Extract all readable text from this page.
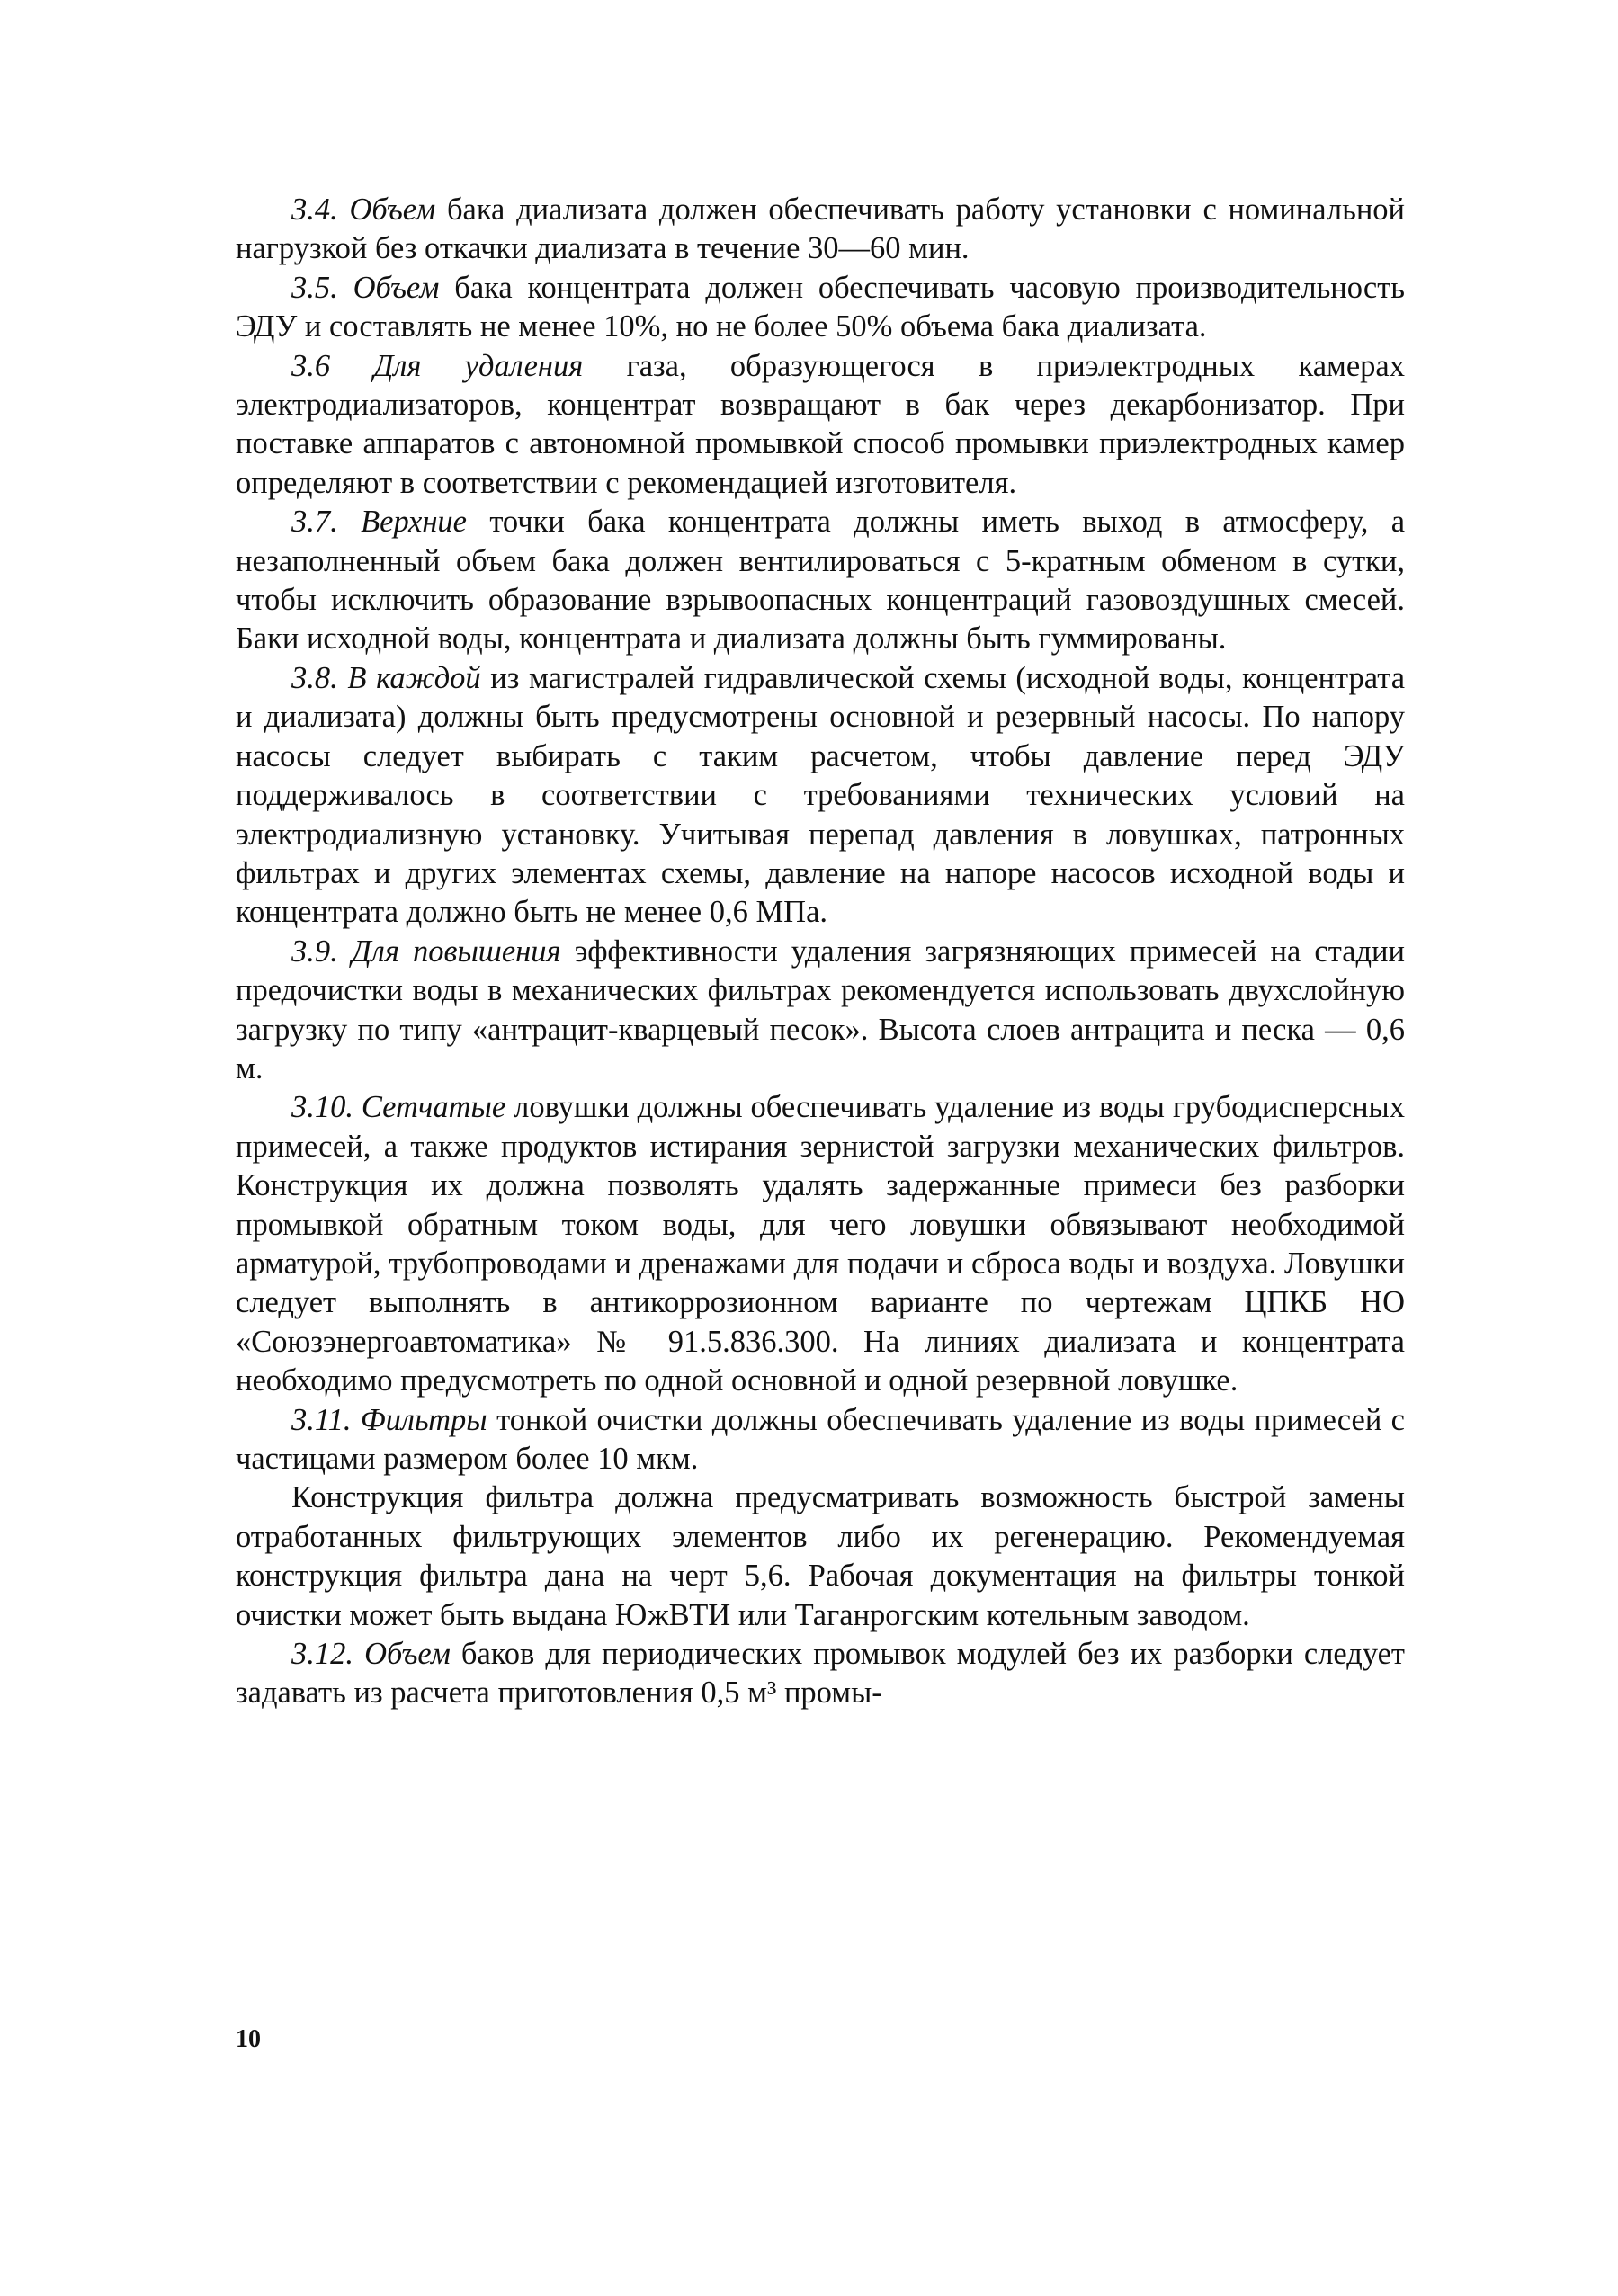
3.4. Объем бака диализата должен обеспечивать работу установки с номинальной нагрузкой без откачки диализата в течение 30—60 мин.

3.5. Объем бака концентрата должен обеспечивать часовую производительность ЭДУ и составлять не менее 10%, но не более 50% объема бака диализата.

3.6 Для удаления газа, образующегося в приэлектродных камерах электродиализаторов, концентрат возвращают в бак через декарбонизатор. При поставке аппаратов с автономной промывкой способ промывки приэлектродных камер определяют в соответствии с рекомендацией изготовителя.

3.7. Верхние точки бака концентрата должны иметь выход в атмосферу, а незаполненный объем бака должен вентилироваться с 5-кратным обменом в сутки, чтобы исключить образование взрывоопасных концентраций газовоздушных смесей. Баки исходной воды, концентрата и диализата должны быть гуммированы.

3.8. В каждой из магистралей гидравлической схемы (исходной воды, концентрата и диализата) должны быть предусмотрены основной и резервный насосы. По напору насосы следует выбирать с таким расчетом, чтобы давление перед ЭДУ поддерживалось в соответствии с требованиями технических условий на электродиализную установку. Учитывая перепад давления в ловушках, патронных фильтрах и других элементах схемы, давление на напоре насосов исходной воды и концентрата должно быть не менее 0,6 МПа.

3.9. Для повышения эффективности удаления загрязняющих примесей на стадии предочистки воды в механических фильтрах рекомендуется использовать двухслойную загрузку по типу «антрацит-кварцевый песок». Высота слоев антрацита и песка — 0,6 м.

3.10. Сетчатые ловушки должны обеспечивать удаление из воды грубодисперсных примесей, а также продуктов истирания зернистой загрузки механических фильтров. Конструкция их должна позволять удалять задержанные примеси без разборки промывкой обратным током воды, для чего ловушки обвязывают необходимой арматурой, трубопроводами и дренажами для подачи и сброса воды и воздуха. Ловушки следует выполнять в антикоррозионном варианте по чертежам ЦПКБ НО «Союзэнергоавтоматика» № 91.5.836.300. На линиях диализата и концентрата необходимо предусмотреть по одной основной и одной резервной ловушке.

3.11. Фильтры тонкой очистки должны обеспечивать удаление из воды примесей с частицами размером более 10 мкм.

Конструкция фильтра должна предусматривать возможность быстрой замены отработанных фильтрующих элементов либо их регенерацию. Рекомендуемая конструкция фильтра дана на черт 5,6. Рабочая документация на фильтры тонкой очистки может быть выдана ЮжВТИ или Таганрогским котельным заводом.

3.12. Объем баков для периодических промывок модулей без их разборки следует задавать из расчета приготовления 0,5 м³ промы-

10
